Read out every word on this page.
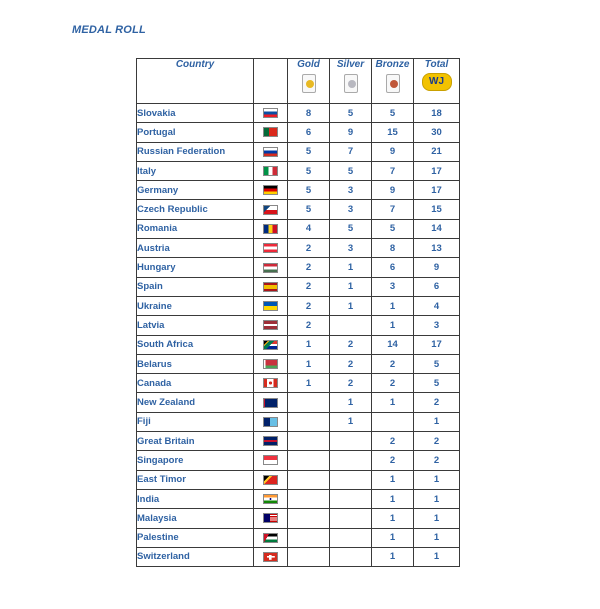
MEDAL ROLL
Country		Gold	Silver	Bronze	Total
WJ

Slovakia		8	5	5	18
Portugal		6	9	15	30
Russian Federation		5	7	9	21
Italy		5	5	7	17
Germany		5	3	9	17
Czech Republic		5	3	7	15
Romania		4	5	5	14
Austria		2	3	8	13
Hungary		2	1	6	9
Spain		2	1	3	6
Ukraine		2	1	1	4
Latvia		2		1	3
South Africa		1	2	14	17
Belarus		1	2	2	5
Canada		1	2	2	5
New Zealand			1	1	2
Fiji			1		1
Great Britain				2	2
Singapore				2	2
East Timor				1	1
India				1	1
Malaysia				1	1
Palestine				1	1
Switzerland				1	1
